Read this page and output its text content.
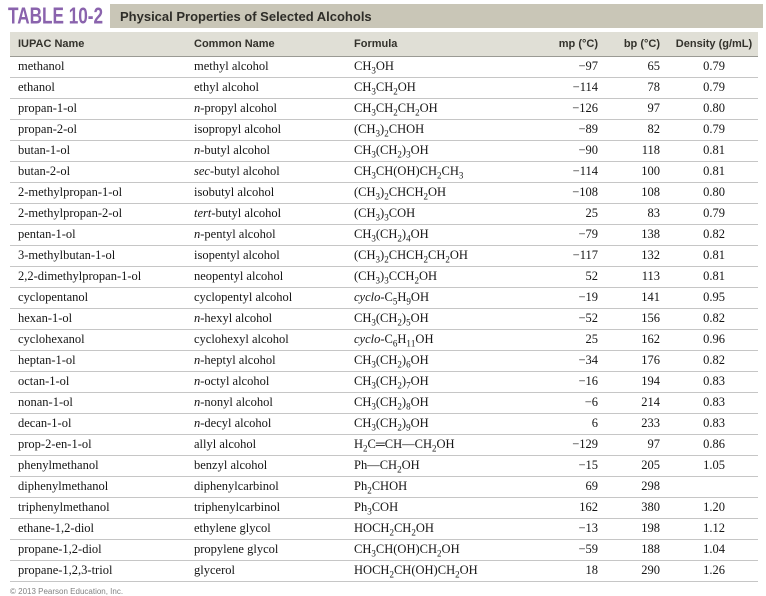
TABLE 10-2 Physical Properties of Selected Alcohols
IUPAC Name	Common Name	Formula	mp (°C)	bp (°C)	Density (g/mL)
methanol	methyl alcohol	$CH_3OH$	−97	65	0.79
ethanol	ethyl alcohol	$CH_3CH_2OH$	−114	78	0.79
propan-1-ol	n-propyl alcohol	$CH_3CH_2CH_2OH$	−126	97	0.80
propan-2-ol	isopropyl alcohol	$(CH_3)_2CHOH$	−89	82	0.79
butan-1-ol	n-butyl alcohol	$CH_3(CH_2)_3OH$	−90	118	0.81
butan-2-ol	sec-butyl alcohol	$CH_3CH(OH)CH_2CH_3$	−114	100	0.81
2-methylpropan-1-ol	isobutyl alcohol	$(CH_3)_2CHCH_2OH$	−108	108	0.80
2-methylpropan-2-ol	tert-butyl alcohol	$(CH_3)_3COH$	25	83	0.79
pentan-1-ol	n-pentyl alcohol	$CH_3(CH_2)_4OH$	−79	138	0.82
3-methylbutan-1-ol	isopentyl alcohol	$(CH_3)_2CHCH_2CH_2OH$	−117	132	0.81
2,2-dimethylpropan-1-ol	neopentyl alcohol	$(CH_3)_3CCH_2OH$	52	113	0.81
cyclopentanol	cyclopentyl alcohol	cyclo-$C_5H_9OH$	−19	141	0.95
hexan-1-ol	n-hexyl alcohol	$CH_3(CH_2)_5OH$	−52	156	0.82
cyclohexanol	cyclohexyl alcohol	cyclo-$C_6H_{11}OH$	25	162	0.96
heptan-1-ol	n-heptyl alcohol	$CH_3(CH_2)_6OH$	−34	176	0.82
octan-1-ol	n-octyl alcohol	$CH_3(CH_2)_7OH$	−16	194	0.83
nonan-1-ol	n-nonyl alcohol	$CH_3(CH_2)_8OH$	−6	214	0.83
decan-1-ol	n-decyl alcohol	$CH_3(CH_2)_9OH$	6	233	0.83
prop-2-en-1-ol	allyl alcohol	$H_2C═CH—CH_2OH$	−129	97	0.86
phenylmethanol	benzyl alcohol	$Ph—CH_2OH$	−15	205	1.05
diphenylmethanol	diphenylcarbinol	$Ph_2CHOH$	69	298	
triphenylmethanol	triphenylcarbinol	$Ph_3COH$	162	380	1.20
ethane-1,2-diol	ethylene glycol	$HOCH_2CH_2OH$	−13	198	1.12
propane-1,2-diol	propylene glycol	$CH_3CH(OH)CH_2OH$	−59	188	1.04
propane-1,2,3-triol	glycerol	$HOCH_2CH(OH)CH_2OH$	18	290	1.26
© 2013 Pearson Education, Inc.
